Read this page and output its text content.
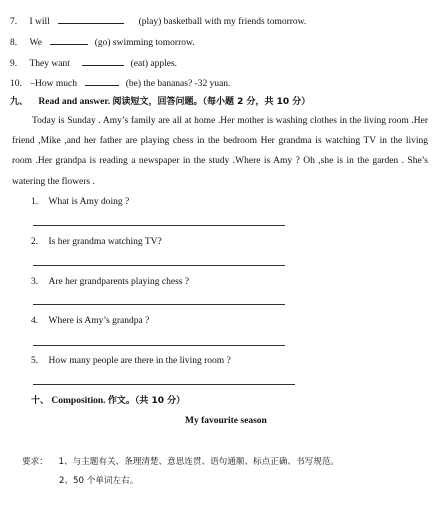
7. I will	(play) basketball with my friends tomorrow.
8. We	(go) swimming tomorrow.
9. They want	(eat) apples.
10. –How much	(be) the bananas? -32 yuan.
九、 Read and answer. 阅读短文，回答问题。（每小题 2 分，共 10 分）
Today is Sunday . Amy’s family are all at home .Her mother is washing clothes in the living room .Her friend ,Mike ,and her father are playing chess in the bedroom Her grandma is watching TV in the living room .Her grandpa is reading a newspaper in the study .Where is Amy ? Oh ,she is in the garden . She’s watering the flowers .
1. What is Amy doing ?
2. Is her grandma watching TV?
3. Are her grandparents playing chess ?
4. Where is Amy’s grandpa ?
5. How many people are there in the living room ?
十、 Composition. 作文。（共 10 分）
My favourite season
要求： 1、与主题有关、条理清楚、意思连贯、语句通顺、标点正确、书写规范。
2、50 个单词左右。
